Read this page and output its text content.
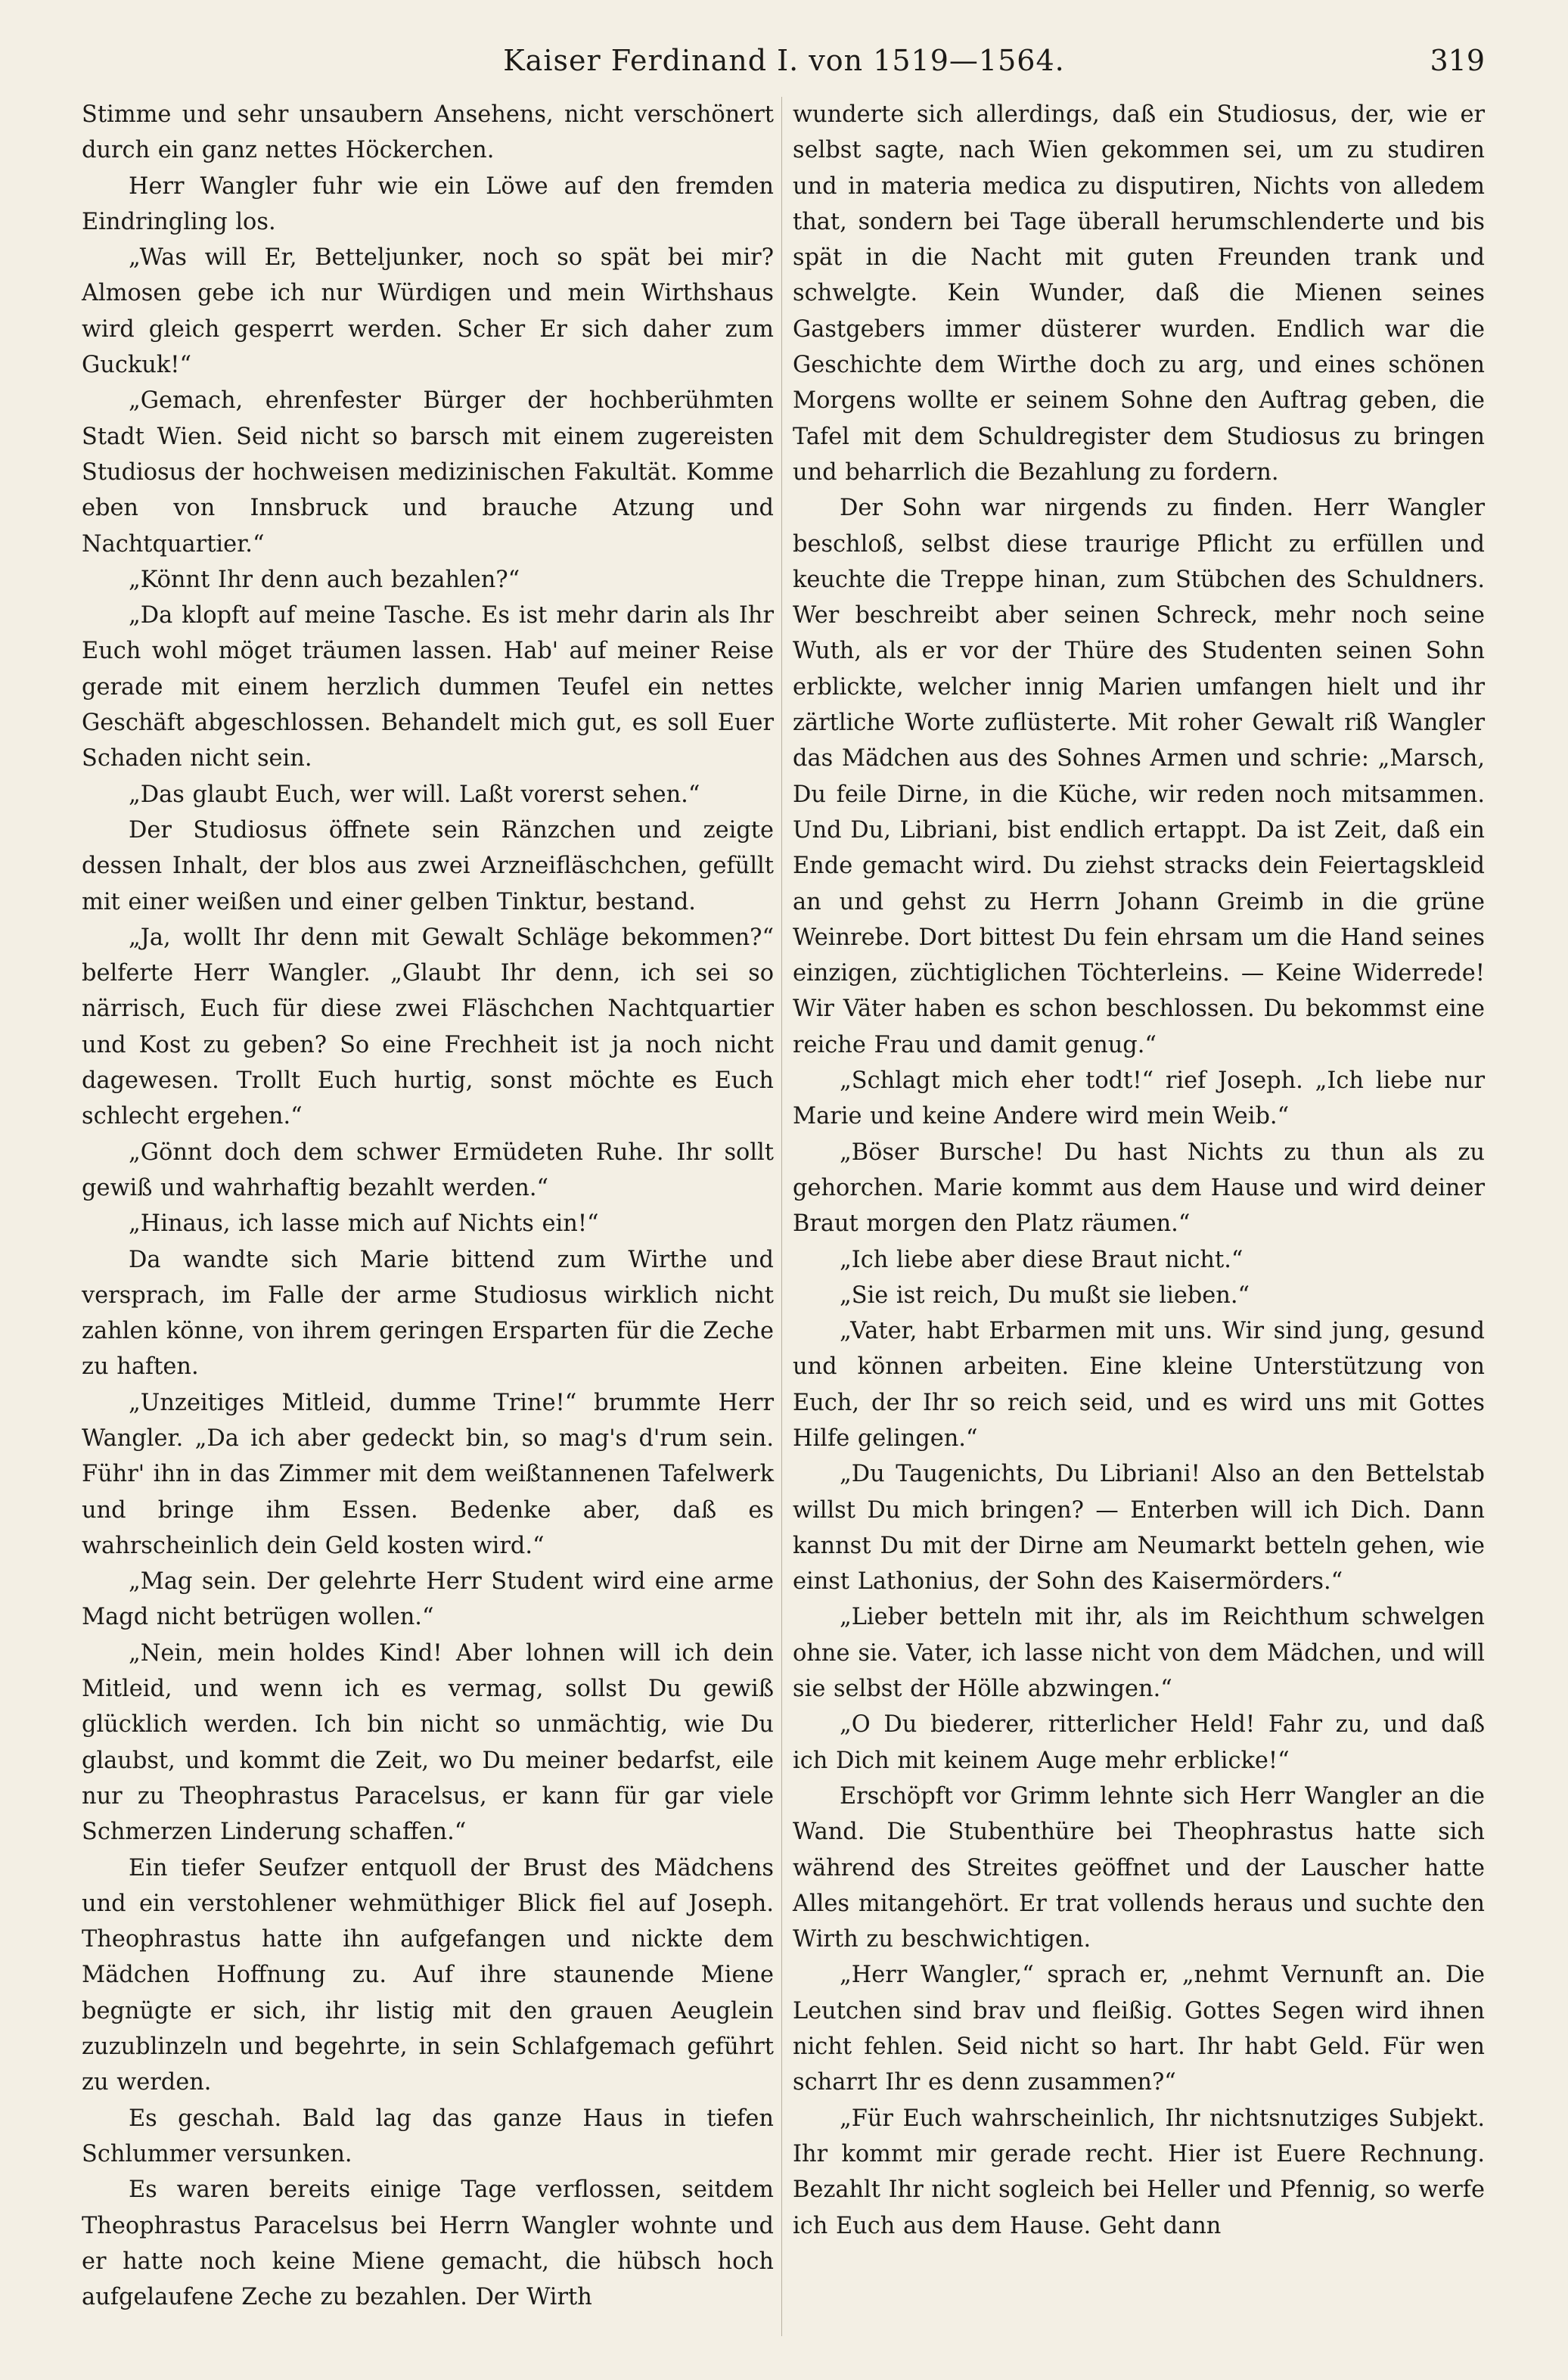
Kaiser Ferdinand I. von 1519—1564.	319

Stimme und sehr unsaubern Ansehens, nicht verschönert durch ein ganz nettes Höckerchen.

Herr Wangler fuhr wie ein Löwe auf den fremden Eindringling los.

„Was will Er, Betteljunker, noch so spät bei mir? Almosen gebe ich nur Würdigen und mein Wirthshaus wird gleich gesperrt werden. Scher Er sich daher zum Guckuk!“

„Gemach, ehrenfester Bürger der hochberühmten Stadt Wien. Seid nicht so barsch mit einem zugereisten Studiosus der hochweisen medizinischen Fakultät. Komme eben von Innsbruck und brauche Atzung und Nachtquartier.“

„Könnt Ihr denn auch bezahlen?“

„Da klopft auf meine Tasche. Es ist mehr darin als Ihr Euch wohl möget träumen lassen. Hab' auf meiner Reise gerade mit einem herzlich dummen Teufel ein nettes Geschäft abgeschlossen. Behandelt mich gut, es soll Euer Schaden nicht sein.

„Das glaubt Euch, wer will. Laßt vorerst sehen.“

Der Studiosus öffnete sein Ränzchen und zeigte dessen Inhalt, der blos aus zwei Arzneifläschchen, gefüllt mit einer weißen und einer gelben Tinktur, bestand.

„Ja, wollt Ihr denn mit Gewalt Schläge bekommen?“ belferte Herr Wangler. „Glaubt Ihr denn, ich sei so närrisch, Euch für diese zwei Fläschchen Nachtquartier und Kost zu geben? So eine Frechheit ist ja noch nicht dagewesen. Trollt Euch hurtig, sonst möchte es Euch schlecht ergehen.“

„Gönnt doch dem schwer Ermüdeten Ruhe. Ihr sollt gewiß und wahrhaftig bezahlt werden.“

„Hinaus, ich lasse mich auf Nichts ein!“

Da wandte sich Marie bittend zum Wirthe und versprach, im Falle der arme Studiosus wirklich nicht zahlen könne, von ihrem geringen Ersparten für die Zeche zu haften.

„Unzeitiges Mitleid, dumme Trine!“ brummte Herr Wangler. „Da ich aber gedeckt bin, so mag's d'rum sein. Führ' ihn in das Zimmer mit dem weißtannenen Tafelwerk und bringe ihm Essen. Bedenke aber, daß es wahrscheinlich dein Geld kosten wird.“

„Mag sein. Der gelehrte Herr Student wird eine arme Magd nicht betrügen wollen.“

„Nein, mein holdes Kind! Aber lohnen will ich dein Mitleid, und wenn ich es vermag, sollst Du gewiß glücklich werden. Ich bin nicht so unmächtig, wie Du glaubst, und kommt die Zeit, wo Du meiner bedarfst, eile nur zu Theophrastus Paracelsus, er kann für gar viele Schmerzen Linderung schaffen.“

Ein tiefer Seufzer entquoll der Brust des Mädchens und ein verstohlener wehmüthiger Blick fiel auf Joseph. Theophrastus hatte ihn aufgefangen und nickte dem Mädchen Hoffnung zu. Auf ihre staunende Miene begnügte er sich, ihr listig mit den grauen Aeuglein zuzublinzeln und begehrte, in sein Schlafgemach geführt zu werden.

Es geschah. Bald lag das ganze Haus in tiefen Schlummer versunken.

Es waren bereits einige Tage verflossen, seitdem Theophrastus Paracelsus bei Herrn Wangler wohnte und er hatte noch keine Miene gemacht, die hübsch hoch aufgelaufene Zeche zu bezahlen. Der Wirth

wunderte sich allerdings, daß ein Studiosus, der, wie er selbst sagte, nach Wien gekommen sei, um zu studiren und in materia medica zu disputiren, Nichts von alledem that, sondern bei Tage überall herumschlenderte und bis spät in die Nacht mit guten Freunden trank und schwelgte. Kein Wunder, daß die Mienen seines Gastgebers immer düsterer wurden. Endlich war die Geschichte dem Wirthe doch zu arg, und eines schönen Morgens wollte er seinem Sohne den Auftrag geben, die Tafel mit dem Schuldregister dem Studiosus zu bringen und beharrlich die Bezahlung zu fordern.

Der Sohn war nirgends zu finden. Herr Wangler beschloß, selbst diese traurige Pflicht zu erfüllen und keuchte die Treppe hinan, zum Stübchen des Schuldners. Wer beschreibt aber seinen Schreck, mehr noch seine Wuth, als er vor der Thüre des Studenten seinen Sohn erblickte, welcher innig Marien umfangen hielt und ihr zärtliche Worte zuflüsterte. Mit roher Gewalt riß Wangler das Mädchen aus des Sohnes Armen und schrie: „Marsch, Du feile Dirne, in die Küche, wir reden noch mitsammen. Und Du, Libriani, bist endlich ertappt. Da ist Zeit, daß ein Ende gemacht wird. Du ziehst stracks dein Feiertagskleid an und gehst zu Herrn Johann Greimb in die grüne Weinrebe. Dort bittest Du fein ehrsam um die Hand seines einzigen, züchtiglichen Töchterleins. — Keine Widerrede! Wir Väter haben es schon beschlossen. Du bekommst eine reiche Frau und damit genug.“

„Schlagt mich eher todt!“ rief Joseph. „Ich liebe nur Marie und keine Andere wird mein Weib.“

„Böser Bursche! Du hast Nichts zu thun als zu gehorchen. Marie kommt aus dem Hause und wird deiner Braut morgen den Platz räumen.“

„Ich liebe aber diese Braut nicht.“

„Sie ist reich, Du mußt sie lieben.“

„Vater, habt Erbarmen mit uns. Wir sind jung, gesund und können arbeiten. Eine kleine Unterstützung von Euch, der Ihr so reich seid, und es wird uns mit Gottes Hilfe gelingen.“

„Du Taugenichts, Du Libriani! Also an den Bettelstab willst Du mich bringen? — Enterben will ich Dich. Dann kannst Du mit der Dirne am Neumarkt betteln gehen, wie einst Lathonius, der Sohn des Kaisermörders.“

„Lieber betteln mit ihr, als im Reichthum schwelgen ohne sie. Vater, ich lasse nicht von dem Mädchen, und will sie selbst der Hölle abzwingen.“

„O Du biederer, ritterlicher Held! Fahr zu, und daß ich Dich mit keinem Auge mehr erblicke!“

Erschöpft vor Grimm lehnte sich Herr Wangler an die Wand. Die Stubenthüre bei Theophrastus hatte sich während des Streites geöffnet und der Lauscher hatte Alles mitangehört. Er trat vollends heraus und suchte den Wirth zu beschwichtigen.

„Herr Wangler,“ sprach er, „nehmt Vernunft an. Die Leutchen sind brav und fleißig. Gottes Segen wird ihnen nicht fehlen. Seid nicht so hart. Ihr habt Geld. Für wen scharrt Ihr es denn zusammen?“

„Für Euch wahrscheinlich, Ihr nichtsnutziges Subjekt. Ihr kommt mir gerade recht. Hier ist Euere Rechnung. Bezahlt Ihr nicht sogleich bei Heller und Pfennig, so werfe ich Euch aus dem Hause. Geht dann
